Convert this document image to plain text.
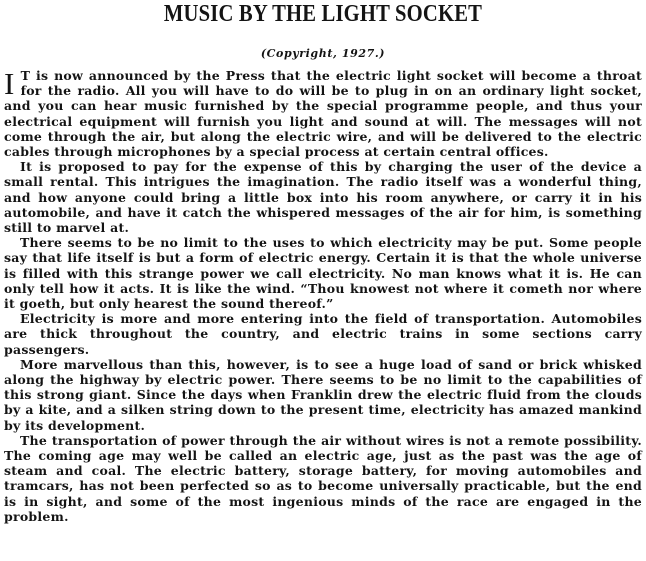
MUSIC BY THE LIGHT SOCKET
(Copyright, 1927.)

I T is now announced by the Press that the electric light socket will become a throat for the radio. All you will have to do will be to plug in on an ordinary light socket, and you can hear music furnished by the special programme people, and thus your electrical equipment will furnish you light and sound at will. The messages will not come through the air, but along the electric wire, and will be delivered to the electric cables through microphones by a special process at certain central offices.

It is proposed to pay for the expense of this by charging the user of the device a small rental. This intrigues the imagination. The radio itself was a wonderful thing, and how anyone could bring a little box into his room anywhere, or carry it in his automobile, and have it catch the whispered messages of the air for him, is something still to marvel at.

There seems to be no limit to the uses to which electricity may be put. Some people say that life itself is but a form of electric energy. Certain it is that the whole universe is filled with this strange power we call electricity. No man knows what it is. He can only tell how it acts. It is like the wind. “Thou knowest not where it cometh nor where it goeth, but only hearest the sound thereof.”

Electricity is more and more entering into the field of transportation. Automobiles are thick throughout the country, and electric trains in some sections carry passengers.

More marvellous than this, however, is to see a huge load of sand or brick whisked along the highway by electric power. There seems to be no limit to the capabilities of this strong giant. Since the days when Franklin drew the electric fluid from the clouds by a kite, and a silken string down to the present time, electricity has amazed mankind by its development.

The transportation of power through the air without wires is not a remote possibility. The coming age may well be called an electric age, just as the past was the age of steam and coal. The electric battery, storage battery, for moving automobiles and tramcars, has not been perfected so as to become universally practicable, but the end is in sight, and some of the most ingenious minds of the race are engaged in the problem.
